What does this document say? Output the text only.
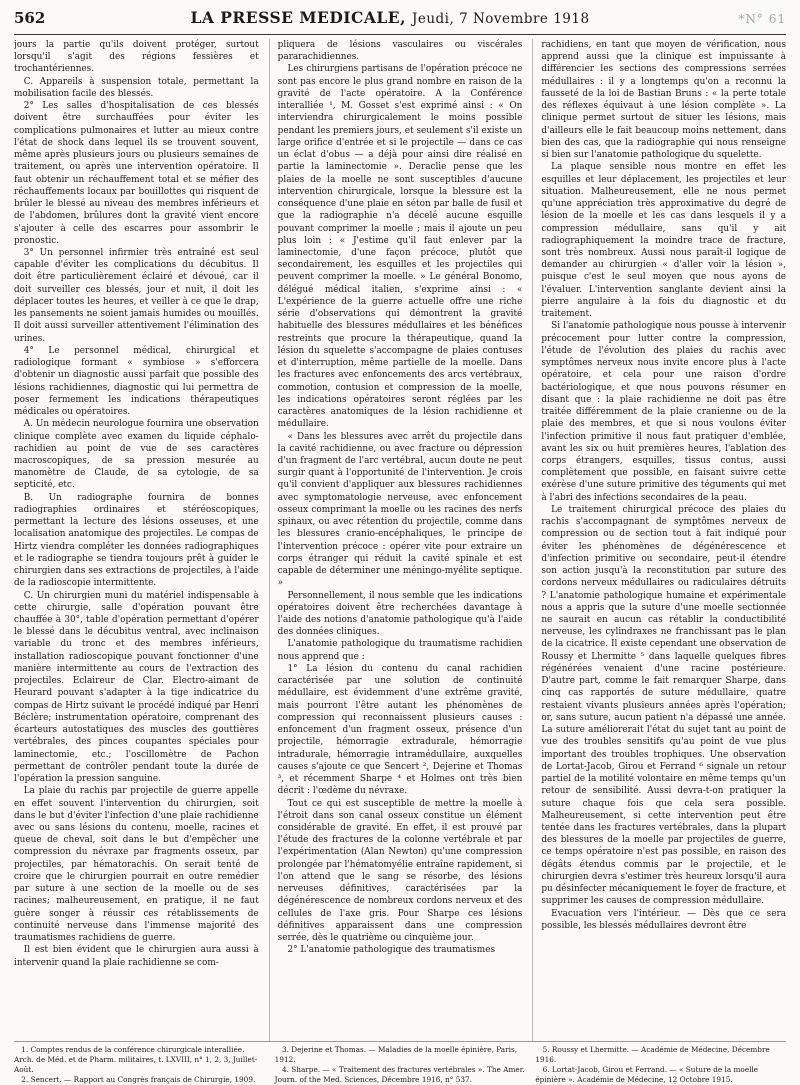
562	LA PRESSE MEDICALE, Jeudi, 7 Novembre 1918	*N° 61

jours la partie qu'ils doivent protéger, surtout lorsqu'il s'agit des régions fessières et trochantériennes.

C. Appareils à suspension totale, permettant la mobilisation facile des blessés.

2° Les salles d'hospitalisation de ces blessés doivent être surchauffées pour éviter les complications pulmonaires et lutter au mieux contre l'état de shock dans lequel ils se trouvent souvent, même après plusieurs jours ou plusieurs semaines de traitement, ou après une intervention opératoire. Il faut obtenir un réchauffement total et se méfier des réchauffements locaux par bouillottes qui risquent de brûler le blessé au niveau des membres inférieurs et de l'abdomen, brûlures dont la gravité vient encore s'ajouter à celle des escarres pour assombrir le pronostic.

3° Un personnel infirmier très entraîné est seul capable d'éviter les complications du décubitus. Il doit être particulièrement éclairé et dévoué, car il doit surveiller ces blessés, jour et nuit, il doit les déplacer toutes les heures, et veiller à ce que le drap, les pansements ne soient jamais humides ou mouillés. Il doit aussi surveiller attentivement l'élimination des urines.

4° Le personnel médical, chirurgical et radiologique formant « symbiose » s'efforcera d'obtenir un diagnostic aussi parfait que possible des lésions rachidiennes, diagnostic qui lui permettra de poser fermement les indications thérapeutiques médicales ou opératoires.

A. Un médecin neurologue fournira une observation clinique complète avec examen du liquide céphalo-rachidien au point de vue de ses caractères macroscopiques, de sa pression mesurée au manomètre de Claude, de sa cytologie, de sa septicité, etc.

B. Un radiographe fournira de bonnes radiographies ordinaires et stéréoscopiques, permettant la lecture des lésions osseuses, et une localisation anatomique des projectiles. Le compas de Hirtz viendra compléter les données radiographiques et le radiographe se tiendra toujours prêt à guider le chirurgien dans ses extractions de projectiles, à l'aide de la radioscopie intermittente.

C. Un chirurgien muni du matériel indispensable à cette chirurgie, salle d'opération pouvant être chauffée à 30°, table d'opération permettant d'opérer le blessé dans le décubitus ventral, avec inclinaison variable du tronc et des membres inférieurs, installation radioscopique pouvant fonctionner d'une manière intermittente au cours de l'extraction des projectiles. Eclaireur de Clar. Electro-aimant de Heurard pouvant s'adapter à la tige indicatrice du compas de Hirtz suivant le procédé indiqué par Henri Béclère; instrumentation opératoire, comprenant des écarteurs autostatiques des muscles des gouttières vertébrales, des pinces coupantes spéciales pour laminectomie, etc.; l'oscillomètre de Pachon permettant de contrôler pendant toute la durée de l'opération la pression sanguine.

La plaie du rachis par projectile de guerre appelle en effet souvent l'intervention du chirurgien, soit dans le but d'éviter l'infection d'une plaie rachidienne avec ou sans lésions du contenu, moelle, racines et queue de cheval, soit dans le but d'empêcher une compression du névraxe par fragments osseux, par projectiles, par hématorachis. On serait tenté de croire que le chirurgien pourrait en outre remédier par suture à une section de la moelle ou de ses racines; malheureusement, en pratique, il ne faut guère songer à réussir ces rétablissements de continuité nerveuse dans l'immense majorité des traumatismes rachidiens de guerre.

Il est bien évident que le chirurgien aura aussi à intervenir quand la plaie rachidienne se com-

pliquera de lésions vasculaires ou viscérales pararachidiennes.

Les chirurgiens partisans de l'opération précoce ne sont pas encore le plus grand nombre en raison de la gravité de l'acte opératoire. A la Conférence interalliée ¹, M. Gosset s'est exprimé ainsi : « On interviendra chirurgicalement le moins possible pendant les premiers jours, et seulement s'il existe un large orifice d'entrée et si le projectile — dans ce cas un éclat d'obus — a déjà pour ainsi dire réalisé en partie la laminectomie ». Deraclie pense que les plaies de la moelle ne sont susceptibles d'aucune intervention chirurgicale, lorsque la blessure est la conséquence d'une plaie en séton par balle de fusil et que la radiographie n'a décelé aucune esquille pouvant comprimer la moelle ; mais il ajoute un peu plus loin : « J'estime qu'il faut enlever par la laminectomie, d'une façon précoce, plutôt que secondairement, les esquilles et les projectiles qui peuvent comprimer la moelle. » Le général Bonomo, délégué médical italien, s'exprime ainsi : « L'expérience de la guerre actuelle offre une riche série d'observations qui démontrent la gravité habituelle des blessures médullaires et les bénéfices restreints que procure la thérapeutique, quand la lésion du squelette s'accompagne de plaies contuses et d'interruption, même partielle de la moelle. Dans les fractures avec enfoncements des arcs vertébraux, commotion, contusion et compression de la moelle, les indications opératoires seront réglées par les caractères anatomiques de la lésion rachidienne et médullaire.

« Dans les blessures avec arrêt du projectile dans la cavité rachidienne, ou avec fracture ou dépression d'un fragment de l'arc vertébral, aucun doute ne peut surgir quant à l'opportunité de l'intervention. Je crois qu'il convient d'appliquer aux blessures rachidiennes avec symptomatologie nerveuse, avec enfoncement osseux comprimant la moelle ou les racines des nerfs spinaux, ou avec rétention du projectile, comme dans les blessures cranio-encéphaliques, le principe de l'intervention précoce : opérer vite pour extraire un corps étranger qui réduit la cavité spinale et est capable de déterminer une méningo-myélite septique. »

Personnellement, il nous semble que les indications opératoires doivent être recherchées davantage à l'aide des notions d'anatomie pathologique qu'à l'aide des données cliniques.

L'anatomie pathologique du traumatisme rachidien nous apprend que :

1° La lésion du contenu du canal rachidien caractérisée par une solution de continuité médullaire, est évidemment d'une extrême gravité, mais pourront l'être autant les phénomènes de compression qui reconnaissent plusieurs causes : enfoncement d'un fragment osseux, présence d'un projectile, hémorragie extradurale, hémorragie intradurale, hémorragie intramédullaire, auxquelles causes s'ajoute ce que Sencert ², Dejerine et Thomas ³, et récemment Sharpe ⁴ et Holmes ont très bien décrit : l'œdème du névraxe.

Tout ce qui est susceptible de mettre la moelle à l'étroit dans son canal osseux constitue un élément considérable de gravité. En effet, il est prouvé par l'étude des fractures de la colonne vertébrale et par l'expérimentation (Alan Newton) qu'une compression prolongée par l'hématomyélie entraîne rapidement, si l'on attend que le sang se résorbe, des lésions nerveuses définitives, caractérisées par la dégénérescence de nombreux cordons nerveux et des cellules de l'axe gris. Pour Sharpe ces lésions définitives apparaissent dans une compression serrée, dès le quatrième ou cinquième jour.

2° L'anatomie pathologique des traumatismes

rachidiens, en tant que moyen de vérification, nous apprend aussi que la clinique est impuissante à différencier les sections des compressions serrées médullaires : il y a longtemps qu'on a reconnu la fausseté de la loi de Bastian Bruns : « la perte totale des réflexes équivaut à une lésion complète ». La clinique permet surtout de situer les lésions, mais d'ailleurs elle le fait beaucoup moins nettement, dans bien des cas, que la radiographie qui nous renseigne si bien sur l'anatomie pathologique du squelette.

La plaque sensible nous montre en effet les esquilles et leur déplacement, les projectiles et leur situation. Malheureusement, elle ne nous permet qu'une appréciation très approximative du degré de lésion de la moelle et les cas dans lesquels il y a compression médullaire, sans qu'il y ait radiographiquement la moindre trace de fracture, sont très nombreux. Aussi nous paraît-il logique de demander au chirurgien « d'aller voir la lésion », puisque c'est le seul moyen que nous ayons de l'évaluer. L'intervention sanglante devient ainsi la pierre angulaire à la fois du diagnostic et du traitement.

Si l'anatomie pathologique nous pousse à intervenir précocement pour lutter contre la compression, l'étude de l'évolution des plaies du rachis avec symptômes nerveux nous invite encore plus à l'acte opératoire, et cela pour une raison d'ordre bactériologique, et que nous pouvons résumer en disant que : la plaie rachidienne ne doit pas être traitée différemment de la plaie cranienne ou de la plaie des membres, et que si nous voulons éviter l'infection primitive il nous faut pratiquer d'emblée, avant les six ou huit premières heures, l'ablation des corps étrangers, esquilles, tissus contus, aussi complètement que possible, en faisant suivre cette exérèse d'une suture primitive des téguments qui met à l'abri des infections secondaires de la peau.

Le traitement chirurgical précoce des plaies du rachis s'accompagnant de symptômes nerveux de compression ou de section tout à fait indiqué pour éviter les phénomènes de dégénérescence et d'infection primitive ou secondaire, peut-il étendre son action jusqu'à la reconstitution par suture des cordons nerveux médullaires ou radiculaires détruits ? L'anatomie pathologique humaine et expérimentale nous a appris que la suture d'une moelle sectionnée ne saurait en aucun cas rétablir la conductibilité nerveuse, les cylindraxes ne franchissant pas le plan de la cicatrice. Il existe cependant une observation de Roussy et Lhermitte ⁵ dans laquelle quelques fibres régénérées venaient d'une racine postérieure. D'autre part, comme le fait remarquer Sharpe, dans cinq cas rapportés de suture médullaire, quatre restaient vivants plusieurs années après l'opération; or, sans suture, aucun patient n'a dépassé une année. La suture améliorerait l'état du sujet tant au point de vue des troubles sensitifs qu'au point de vue plus important des troubles trophiques. Une observation de Lortat-Jacob, Girou et Ferrand ⁶ signale un retour partiel de la motilité volontaire en même temps qu'un retour de sensibilité. Aussi devra-t-on pratiquer la suture chaque fois que cela sera possible. Malheureusement, si cette intervention peut être tentée dans les fractures vertébrales, dans la plupart des blessures de la moelle par projectiles de guerre, ce temps opératoire n'est pas possible, en raison des dégâts étendus commis par le projectile, et le chirurgien devra s'estimer très heureux lorsqu'il aura pu désinfecter mécaniquement le foyer de fracture, et supprimer les causes de compression médullaire.

Evacuation vers l'intérieur. — Dès que ce sera possible, les blessés médullaires devront être

1. Comptes rendus de la conférence chirurgicale interalliée. Arch. de Méd. et de Pharm. militaires, t. LXVIII, n° 1, 2, 3, Juillet-Août.

2. Sencert. — Rapport au Congrès français de Chirurgie, 1909.

3. Dejerine et Thomas. — Maladies de la moelle épinière, Paris, 1912.

4. Sharpe. — « Traitement des fractures vertébrales ». The Amer. Journ. of the Med. Sciences, Décembre 1916, n° 537.

5. Roussy et Lhermitte. — Académie de Médecine, Décembre 1916.

6. Lortat-Jacob, Girou et Ferrand. — « Suture de la moelle épinière ». Académie de Médecine, 12 Octobre 1915.
